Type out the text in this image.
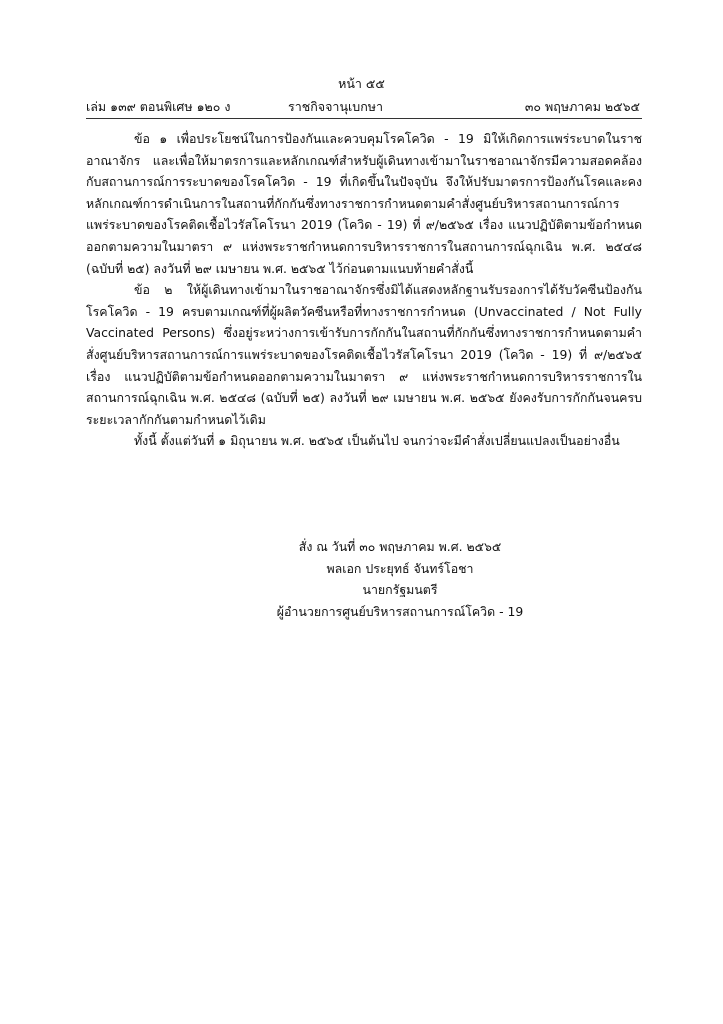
หน้า ๕๕
เล่ม ๑๓๙ ตอนพิเศษ ๑๒๐ ง	ราชกิจจานุเบกษา	๓๐ พฤษภาคม ๒๕๖๕

ข้อ ๑ เพื่อประโยชน์ในการป้องกันและควบคุมโรคโควิด - 19 มิให้เกิดการแพร่ระบาดในราชอาณาจักร และเพื่อให้มาตรการและหลักเกณฑ์สำหรับผู้เดินทางเข้ามาในราชอาณาจักรมีความสอดคล้องกับสถานการณ์การระบาดของโรคโควิด - 19 ที่เกิดขึ้นในปัจจุบัน จึงให้ปรับมาตรการป้องกันโรคและคงหลักเกณฑ์การดำเนินการในสถานที่กักกันซึ่งทางราชการกำหนดตามคำสั่งศูนย์บริหารสถานการณ์การแพร่ระบาดของโรคติดเชื้อไวรัสโคโรนา 2019 (โควิด - 19) ที่ ๙/๒๕๖๕ เรื่อง แนวปฏิบัติตามข้อกำหนดออกตามความในมาตรา ๙ แห่งพระราชกำหนดการบริหารราชการในสถานการณ์ฉุกเฉิน พ.ศ. ๒๕๔๘ (ฉบับที่ ๒๕) ลงวันที่ ๒๙ เมษายน พ.ศ. ๒๕๖๕ ไว้ก่อนตามแนบท้ายคำสั่งนี้

ข้อ ๒ ให้ผู้เดินทางเข้ามาในราชอาณาจักรซึ่งมิได้แสดงหลักฐานรับรองการได้รับวัคซีนป้องกันโรคโควิด - 19 ครบตามเกณฑ์ที่ผู้ผลิตวัคซีนหรือที่ทางราชการกำหนด (Unvaccinated / Not Fully Vaccinated Persons) ซึ่งอยู่ระหว่างการเข้ารับการกักกันในสถานที่กักกันซึ่งทางราชการกำหนดตามคำสั่งศูนย์บริหารสถานการณ์การแพร่ระบาดของโรคติดเชื้อไวรัสโคโรนา 2019 (โควิด - 19) ที่ ๙/๒๕๖๕ เรื่อง แนวปฏิบัติตามข้อกำหนดออกตามความในมาตรา ๙ แห่งพระราชกำหนดการบริหารราชการในสถานการณ์ฉุกเฉิน พ.ศ. ๒๕๔๘ (ฉบับที่ ๒๕) ลงวันที่ ๒๙ เมษายน พ.ศ. ๒๕๖๕ ยังคงรับการกักกันจนครบระยะเวลากักกันตามกำหนดไว้เดิม

ทั้งนี้ ตั้งแต่วันที่ ๑ มิถุนายน พ.ศ. ๒๕๖๕ เป็นต้นไป จนกว่าจะมีคำสั่งเปลี่ยนแปลงเป็นอย่างอื่น

สั่ง ณ วันที่ ๓๐ พฤษภาคม พ.ศ. ๒๕๖๕
พลเอก ประยุทธ์ จันทร์โอชา
นายกรัฐมนตรี
ผู้อำนวยการศูนย์บริหารสถานการณ์โควิด - 19
